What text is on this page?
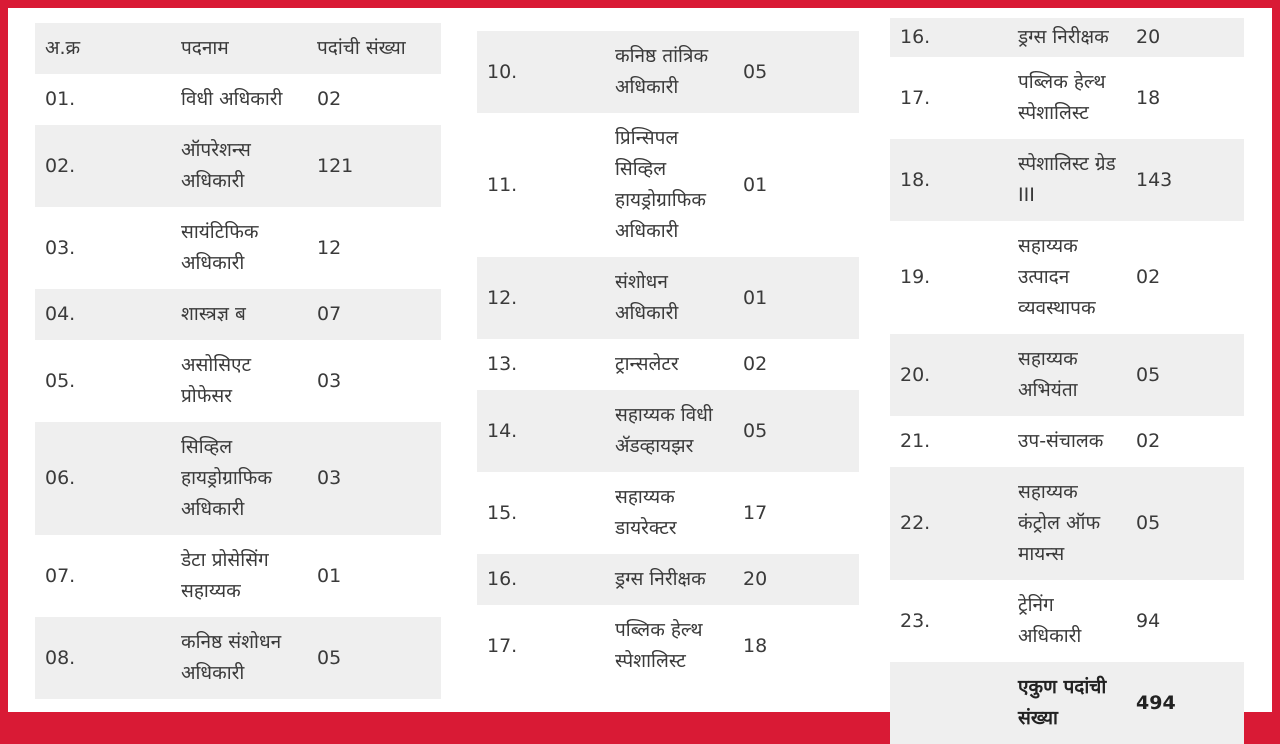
अ.क्र	पदनाम	पदांची संख्या
01.	विधी अधिकारी	02
02.	ऑपरेशन्स अधिकारी	121
03.	सायंटिफिक अधिकारी	12
04.	शास्त्रज्ञ ब	07
05.	असोसिएट प्रोफेसर	03
06.	सिव्हिल हायड्रोग्राफिक अधिकारी	03
07.	डेटा प्रोसेसिंग सहाय्यक	01
08.	कनिष्ठ संशोधन अधिकारी	05
10.	कनिष्ठ तांत्रिक अधिकारी	05
11.	प्रिन्सिपल सिव्हिल हायड्रोग्राफिक अधिकारी	01
12.	संशोधन अधिकारी	01
13.	ट्रान्सलेटर	02
14.	सहाय्यक विधी ॲडव्हायझर	05
15.	सहाय्यक डायरेक्टर	17
16.	ड्रग्स निरीक्षक	20
17.	पब्लिक हेल्थ स्पेशालिस्ट	18
16.	ड्रग्स निरीक्षक	20
17.	पब्लिक हेल्थ स्पेशालिस्ट	18
18.	स्पेशालिस्ट ग्रेड III	143
19.	सहाय्यक उत्पादन व्यवस्थापक	02
20.	सहाय्यक अभियंता	05
21.	उप-संचालक	02
22.	सहाय्यक कंट्रोल ऑफ मायन्स	05
23.	ट्रेनिंग अधिकारी	94
	एकुण पदांची संख्या	494
